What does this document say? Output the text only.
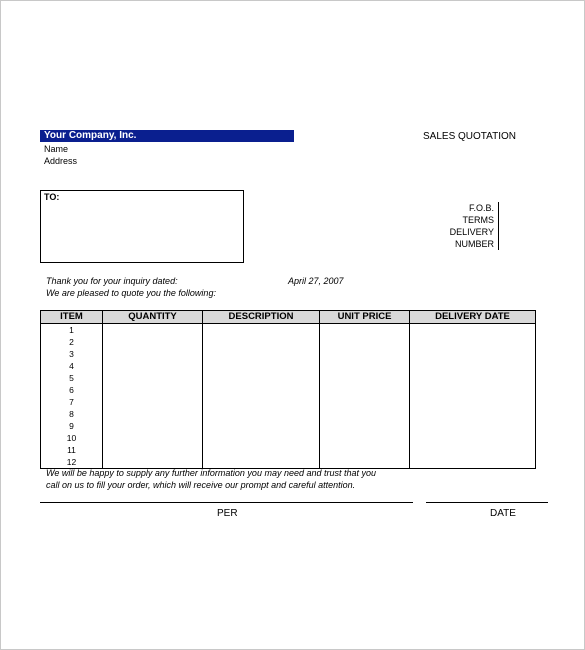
Your Company, Inc.
Name
Address
SALES QUOTATION
TO:
F.O.B.
TERMS
DELIVERY
NUMBER
Thank you for your inquiry dated:	April 27, 2007
We are pleased to quote you the following:
ITEM	QUANTITY	DESCRIPTION	UNIT PRICE	DELIVERY DATE
1				
2				
3				
4				
5				
6				
7				
8				
9				
10				
11				
12				
We will be happy to supply any further information you may need and trust that you
call on us to fill your order, which will receive our prompt and careful attention.
PER	DATE
